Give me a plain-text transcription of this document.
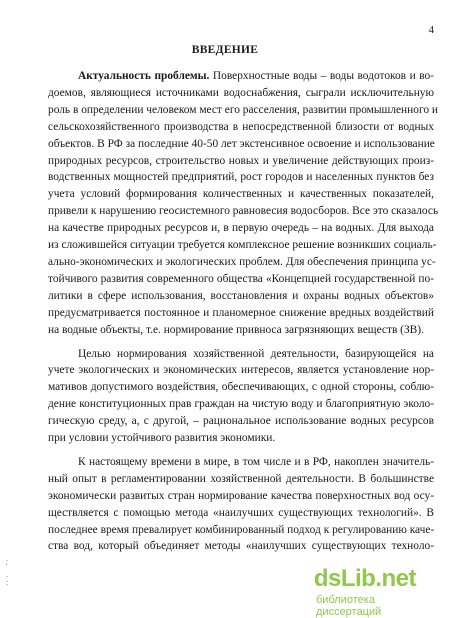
4
ВВЕДЕНИЕ
Актуальность проблемы. Поверхностные воды – воды водотоков и во-
доемов, являющиеся источниками водоснабжения, сыграли исключительную
роль в определении человеком мест его расселения, развитии промышленного и
сельскохозяйственного производства в непосредственной близости от водных
объектов. В РФ за последние 40-50 лет экстенсивное освоение и использование
природных ресурсов, строительство новых и увеличение действующих произ-
водственных мощностей предприятий, рост городов и населенных пунктов без
учета условий формирования количественных и качественных показателей,
привели к нарушению геосистемного равновесия водосборов. Все это сказалось
на качестве природных ресурсов и, в первую очередь – на водных. Для выхода
из сложившейся ситуации требуется комплексное решение возникших социаль-
ально-экономических и экологических проблем. Для обеспечения принципа ус-
тойчивого развития современного общества «Концепцией государственной по-
литики в сфере использования, восстановления и охраны водных объектов»
предусматривается постоянное и планомерное снижение вредных воздействий
на водные объекты, т.е. нормирование привноса загрязняющих веществ (ЗВ).
Целью нормирования хозяйственной деятельности, базирующейся на
учете экологических и экономических интересов, является установление нор-
мативов допустимого воздействия, обеспечивающих, с одной стороны, соблю-
дение конституционных прав граждан на чистую воду и благоприятную эколо-
гическую среду, а, с другой, – рациональное использование водных ресурсов
при условии устойчивого развития экономики.
К настоящему времени в мире, в том числе и в РФ, накоплен значитель-
ный опыт в регламентировании хозяйственной деятельности. В большинстве
экономически развитых стран нормирование качества поверхностных вод осу-
ществляется с помощью метода «наилучших существующих технологий». В
последнее время превалирует комбинированный подход к регулированию каче-
ства вод, который объединяет методы «наилучших существующих техноло-
.
'
.
:	dsLib.net
библиотека диссертаций
